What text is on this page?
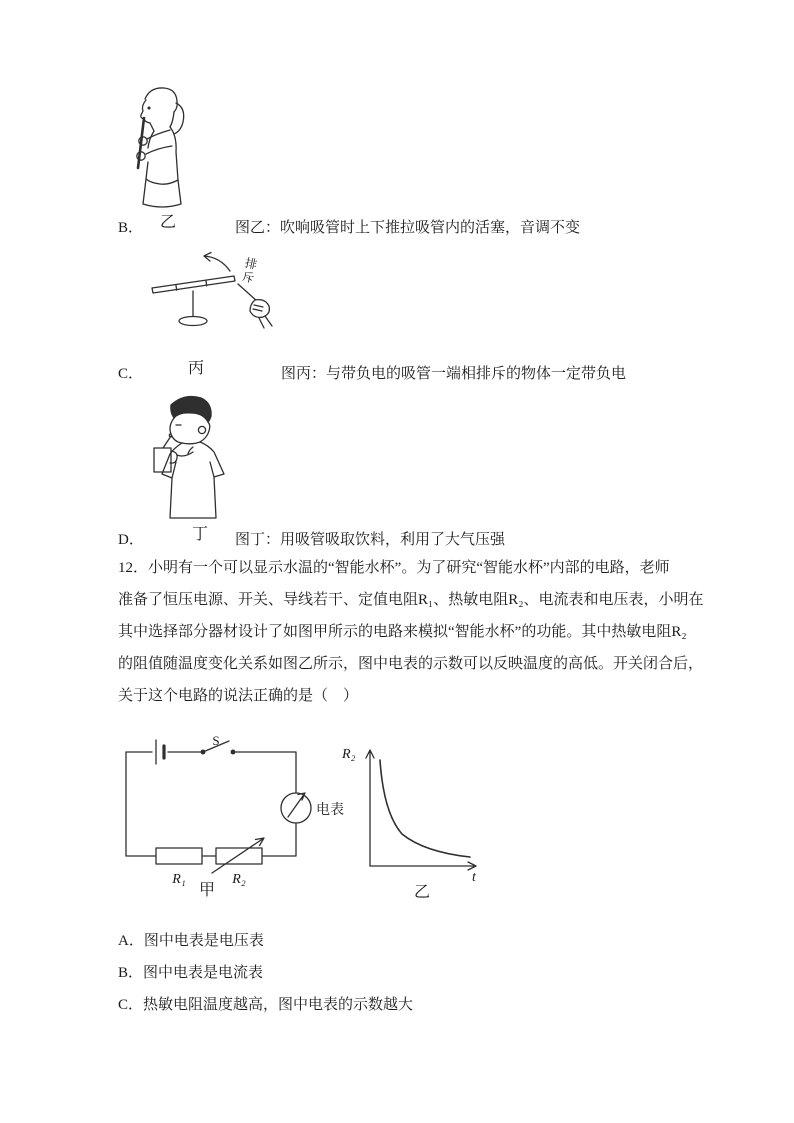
B． 乙	图乙：吹响吸管时上下推拉吸管内的活塞，音调不变
排斥
C．	丙	图丙：与带负电的吸管一端相排斥的物体一定带负电
D．	丁 图丁：用吸管吸取饮料，利用了大气压强
12．小明有一个可以显示水温的“智能水杯”。为了研究“智能水杯”内部的电路，老师
准备了恒压电源、开关、导线若干、定值电阻R₁、热敏电阻R₂、电流表和电压表，小明在
其中选择部分器材设计了如图甲所示的电路来模拟“智能水杯”的功能。其中热敏电阻R₂
的阻值随温度变化关系如图乙所示，图中电表的示数可以反映温度的高低。开关闭合后，
关于这个电路的说法正确的是（　）
S
电表
R₁	R₂
甲
R₂
t
乙
A．图中电表是电压表
B．图中电表是电流表
C．热敏电阻温度越高，图中电表的示数越大
